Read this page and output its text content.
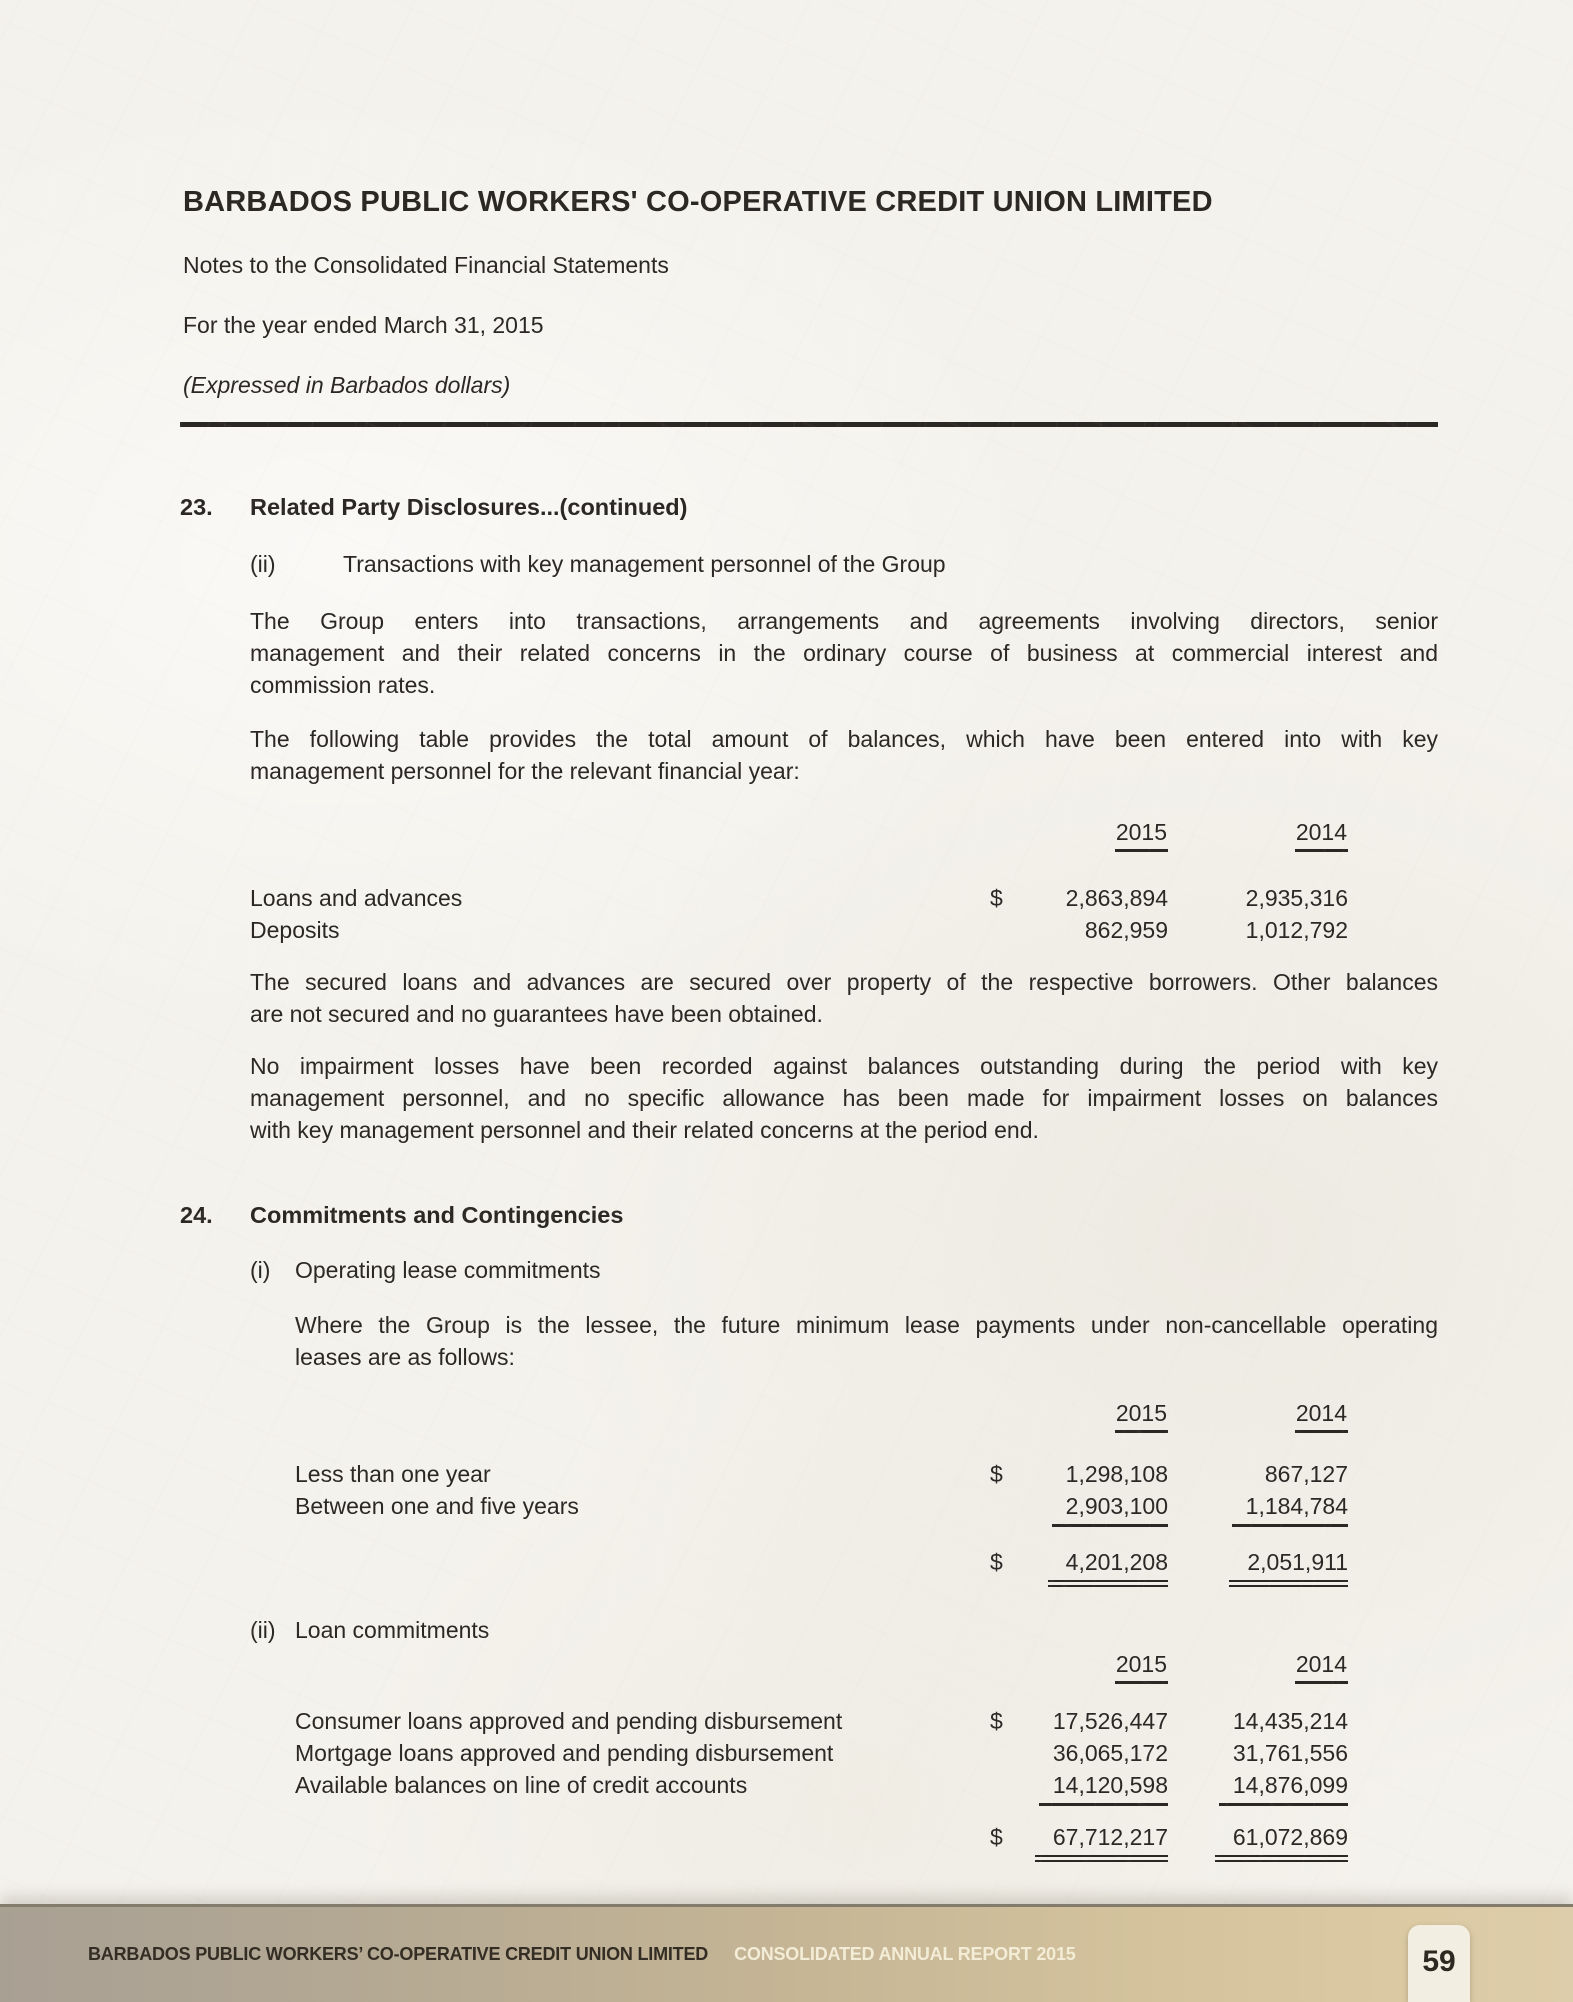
BARBADOS PUBLIC WORKERS' CO-OPERATIVE CREDIT UNION LIMITED
Notes to the Consolidated Financial Statements
For the year ended March 31, 2015
(Expressed in Barbados dollars)
23.	Related Party Disclosures...(continued)
(ii)	Transactions with key management personnel of the Group
The Group enters into transactions, arrangements and agreements involving directors, senior
management and their related concerns in the ordinary course of business at commercial interest and
commission rates.
The following table provides the total amount of balances, which have been entered into with key
management personnel for the relevant financial year:
2015	2014
Loans and advances	$	2,863,894	2,935,316
Deposits	862,959	1,012,792
The secured loans and advances are secured over property of the respective borrowers. Other balances
are not secured and no guarantees have been obtained.
No impairment losses have been recorded against balances outstanding during the period with key
management personnel, and no specific allowance has been made for impairment losses on balances
with key management personnel and their related concerns at the period end.
24.	Commitments and Contingencies
(i)	Operating lease commitments
Where the Group is the lessee, the future minimum lease payments under non-cancellable operating
leases are as follows:
2015	2014
Less than one year	$	1,298,108	867,127
Between one and five years	2,903,100	1,184,784
$	4,201,208	2,051,911
(ii) Loan commitments
2015	2014
Consumer loans approved and pending disbursement	$	17,526,447	14,435,214
Mortgage loans approved and pending disbursement	36,065,172	31,761,556
Available balances on line of credit accounts	14,120,598	14,876,099
$	67,712,217	61,072,869
BARBADOS PUBLIC WORKERS’ CO-OPERATIVE CREDIT UNION LIMITED CONSOLIDATED ANNUAL REPORT 2015	59
